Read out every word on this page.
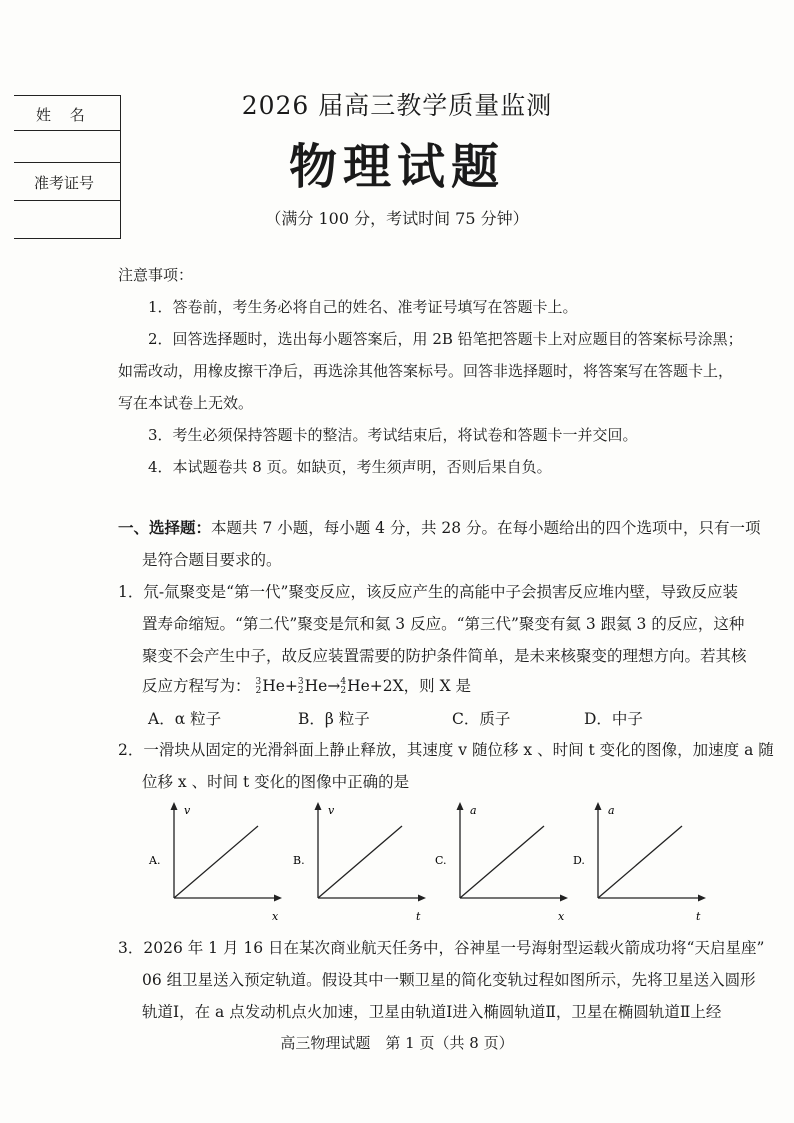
姓 名
准考证号
2026 届高三教学质量监测
物理试题
（满分 100 分，考试时间 75 分钟）
注意事项：
1．答卷前，考生务必将自己的姓名、准考证号填写在答题卡上。
2．回答选择题时，选出每小题答案后，用 2B 铅笔把答题卡上对应题目的答案标号涂黑；
如需改动，用橡皮擦干净后，再选涂其他答案标号。回答非选择题时，将答案写在答题卡上，
写在本试卷上无效。
3．考生必须保持答题卡的整洁。考试结束后，将试卷和答题卡一并交回。
4．本试题卷共 8 页。如缺页，考生须声明，否则后果自负。
一、选择题：本题共 7 小题，每小题 4 分，共 28 分。在每小题给出的四个选项中，只有一项
是符合题目要求的。
1．氘-氚聚变是“第一代”聚变反应，该反应产生的高能中子会损害反应堆内壁，导致反应装
置寿命缩短。“第二代”聚变是氘和氦 3 反应。“第三代”聚变有氦 3 跟氦 3 的反应，这种
聚变不会产生中子，故反应装置需要的防护条件简单，是未来核聚变的理想方向。若其核
反应方程写为： 3
2He+3
2He→4
2He+2X，则 X 是
A．α 粒子	B．β 粒子	C．质子	D．中子
2．一滑块从固定的光滑斜面上静止释放，其速度 v 随位移 x 、时间 t 变化的图像，加速度 a 随
位移 x 、时间 t 变化的图像中正确的是
v
x
A.
v
t
B.
a
x
C.
a
t
D.
3．2026 年 1 月 16 日在某次商业航天任务中，谷神星一号海射型运载火箭成功将“天启星座”
06 组卫星送入预定轨道。假设其中一颗卫星的简化变轨过程如图所示，先将卫星送入圆形
轨道Ⅰ，在 a 点发动机点火加速，卫星由轨道Ⅰ进入椭圆轨道Ⅱ，卫星在椭圆轨道Ⅱ上经
高三物理试题　第 1 页（共 8 页）
